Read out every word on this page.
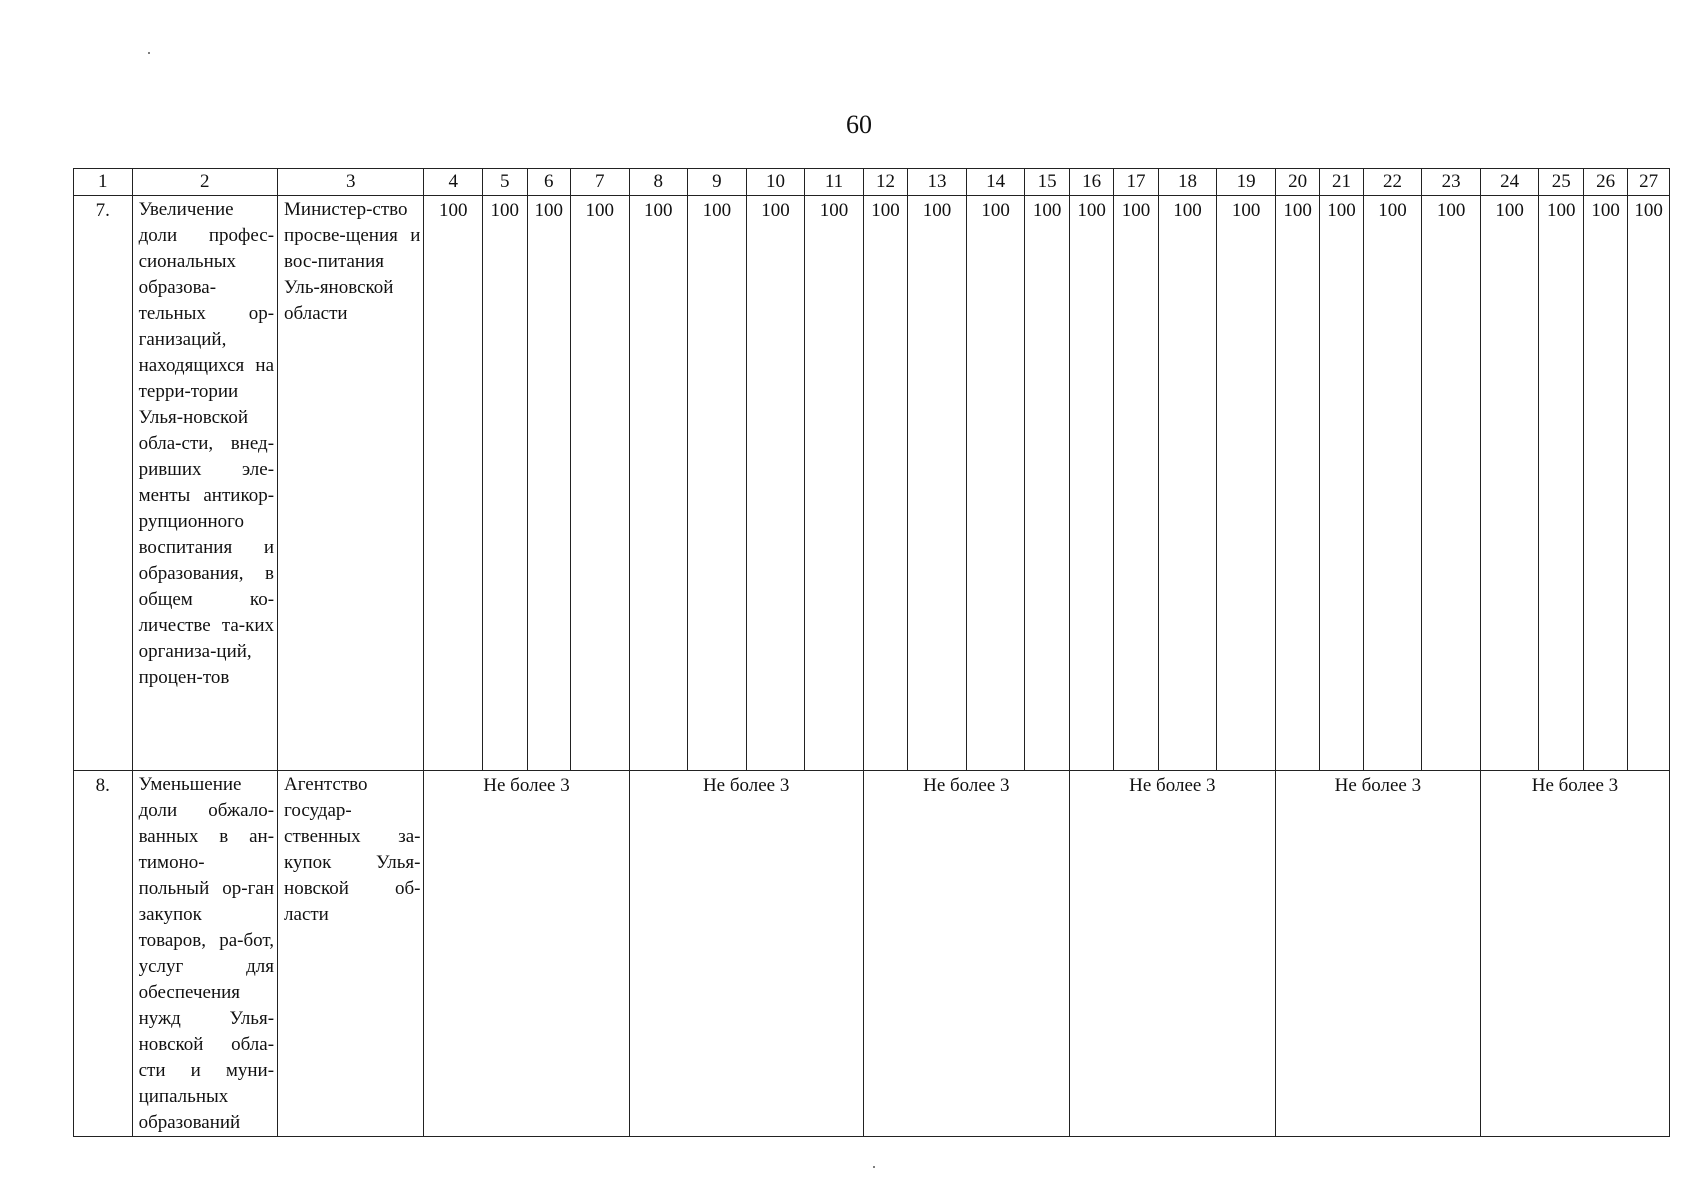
60
1	2	3	4	5	6	7	8	9	10	11	12	13	14	15	16	17	18	19	20	21	22	23	24	25	26	27
7.	Увеличение доли профес-сиональных образова-тельных ор-ганизаций, находящихся на терри-тории Улья-новской обла-сти, внед-ривших эле-менты антикор-рупционного воспитания и образования, в общем ко-личестве та-ких организа-ций, процен-тов	Министер-ство просве-щения и вос-питания Уль-яновской области	100	100	100	100	100	100	100	100	100	100	100	100	100	100	100	100	100	100	100	100	100	100	100	100
8.	Уменьшение доли обжало-ванных в ан-тимоно-польный ор-ган закупок товаров, ра-бот, услуг для обеспечения нужд Улья-новской обла-сти и муни-ципальных образований	Агентство государ-ственных за-купок Улья-новской об-ласти	Не более 3				Не более 3				Не более 3				Не более 3				Не более 3				Не более 3			
